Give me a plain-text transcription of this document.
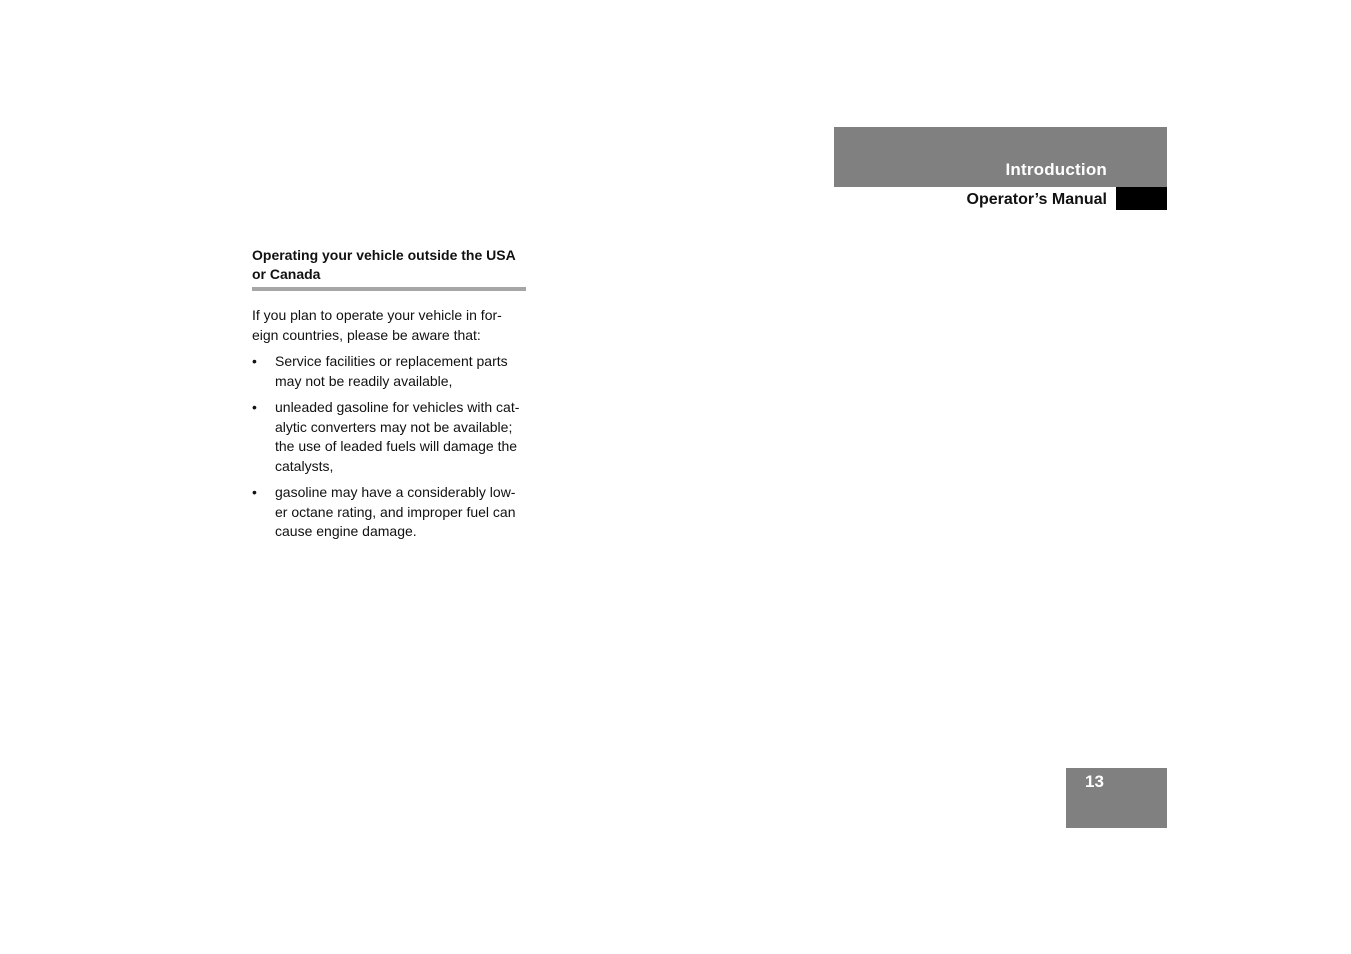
Introduction
Operator’s Manual
Operating your vehicle outside the USA or Canada

If you plan to operate your vehicle in for-eign countries, please be aware that:

• Service facilities or replacement parts may not be readily available,
• unleaded gasoline for vehicles with cat-alytic converters may not be available; the use of leaded fuels will damage the catalysts,
• gasoline may have a considerably low-er octane rating, and improper fuel can cause engine damage.
13
